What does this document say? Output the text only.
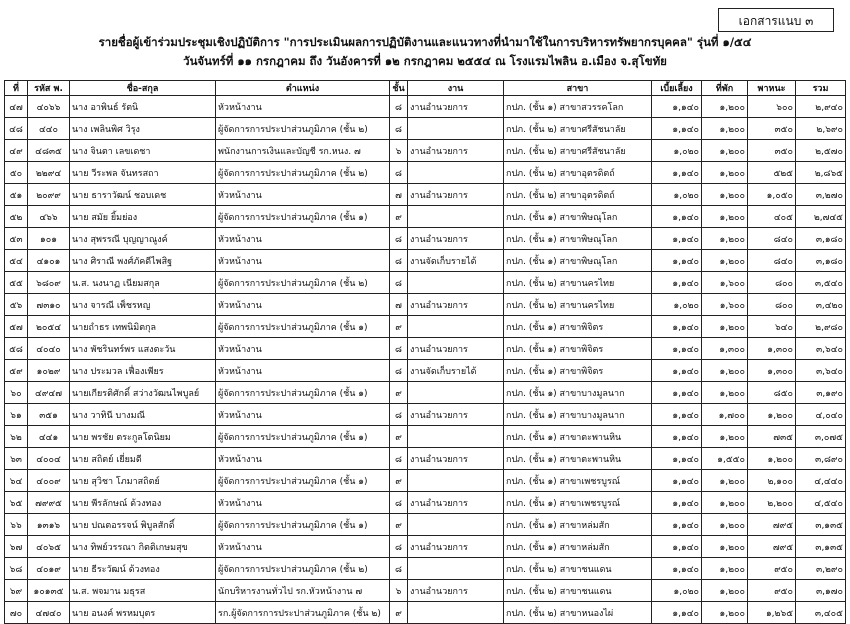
เอกสารแนบ ๓
รายชื่อผู้เข้าร่วมประชุมเชิงปฏิบัติการ "การประเมินผลการปฏิบัติงานและแนวทางที่นำมาใช้ในการบริหารทรัพยากรบุคคล" รุ่นที่ ๑/๕๔
วันจันทร์ที่ ๑๑ กรกฎาคม ถึง วันอังคารที่ ๑๒ กรกฎาคม ๒๕๕๔ ณ โรงแรมไพลิน อ.เมือง จ.สุโขทัย
ที่	รหัส พ.	ชื่อ-สกุล	ตำแหน่ง	ชั้น	งาน	สาขา	เบี้ยเลี้ยง	ที่พัก	พาหนะ	รวม
๔๗	๔๐๖๖	นาง อาพินธ์ รัตนิ	หัวหน้างาน	๘	งานอำนวยการ	กปภ. (ชั้น ๑) สาขาสวรรคโลก	๑,๑๔๐	๑,๒๐๐	๖๐๐	๒,๙๔๐
๔๘	๔๔๐	นาง เพลินพิศ วิรุง	ผู้จัดการการประปาส่วนภูมิภาค (ชั้น ๒)	๘		กปภ. (ชั้น ๒) สาขาศรีสัชนาลัย	๑,๑๔๐	๑,๒๐๐	๓๕๐	๒,๖๙๐
๔๙	๔๘๓๕	นาง จินตา เลขเดชา	พนักงานการเงินและบัญชี รก.หนง. ๗	๖	งานอำนวยการ	กปภ. (ชั้น ๒) สาขาศรีสัชนาลัย	๑,๐๒๐	๑,๒๐๐	๓๕๐	๒,๕๗๐
๕๐	๒๒๙๔	นาย วีระพล จันทรสถา	ผู้จัดการการประปาส่วนภูมิภาค (ชั้น ๒)	๘		กปภ. (ชั้น ๒) สาขาอุตรดิตถ์	๑,๑๔๐	๑,๒๐๐	๕๒๕	๒,๘๖๕
๕๑	๒๐๙๙	นาย ธาราวัฒน์ ชอบเดช	หัวหน้างาน	๗	งานอำนวยการ	กปภ. (ชั้น ๒) สาขาอุตรดิตถ์	๑,๐๒๐	๑,๒๐๐	๑,๐๕๐	๓,๒๗๐
๕๒	๔๖๖	นาย สมัย ยิ้มย่อง	ผู้จัดการการประปาส่วนภูมิภาค (ชั้น ๑)	๙		กปภ. (ชั้น ๑) สาขาพิษณุโลก	๑,๑๔๐	๑,๒๐๐	๔๐๕	๒,๗๔๕
๕๓	๑๐๑	นาง สุพรรณี บุญญาณูงค์	หัวหน้างาน	๘	งานอำนวยการ	กปภ. (ชั้น ๑) สาขาพิษณุโลก	๑,๑๔๐	๑,๒๐๐	๘๔๐	๓,๑๘๐
๕๔	๔๑๐๑	นาง ศิราณี พงศ์ภัคดีไพสิฐ	หัวหน้างาน	๘	งานจัดเก็บรายได้	กปภ. (ชั้น ๑) สาขาพิษณุโลก	๑,๑๔๐	๑,๒๐๐	๘๔๐	๓,๑๘๐
๕๕	๖๘๐๙	น.ส. นงนาฏ เนียมสกุล	ผู้จัดการการประปาส่วนภูมิภาค (ชั้น ๒)	๘		กปภ. (ชั้น ๒) สาขานครไทย	๑,๑๔๐	๑,๖๐๐	๘๐๐	๓,๕๔๐
๕๖	๗๓๑๐	นาง จารณี เพ็ชรหญ	หัวหน้างาน	๗	งานอำนวยการ	กปภ. (ชั้น ๒) สาขานครไทย	๑,๐๒๐	๑,๖๐๐	๘๐๐	๓,๔๒๐
๕๗	๒๐๕๔	นายถำธร เทพนิมิตกุล	ผู้จัดการการประปาส่วนภูมิภาค (ชั้น ๑)	๙		กปภ. (ชั้น ๑) สาขาพิจิตร	๑,๑๔๐	๑,๒๐๐	๖๔๐	๒,๙๘๐
๕๘	๔๐๔๐	นาง พัชรินทร์พร แสงตะวัน	หัวหน้างาน	๘	งานอำนวยการ	กปภ. (ชั้น ๑) สาขาพิจิตร	๑,๑๔๐	๑,๓๐๐	๑,๓๐๐	๓,๖๔๐
๕๙	๑๐๒๙	นาง ประมวล เฟื่องเพียร	หัวหน้างาน	๘	งานจัดเก็บรายได้	กปภ. (ชั้น ๑) สาขาพิจิตร	๑,๑๔๐	๑,๒๐๐	๑,๓๐๐	๓,๖๔๐
๖๐	๔๙๔๗	นายเกียรติศักดิ์ สว่างวัฒนไพบูลย์	ผู้จัดการการประปาส่วนภูมิภาค (ชั้น ๑)	๙		กปภ. (ชั้น ๑) สาขาบางมูลนาก	๑,๑๔๐	๑,๒๐๐	๘๕๐	๓,๑๙๐
๖๑	๓๕๑	นาง วาทินี บางมณี	หัวหน้างาน	๘	งานอำนวยการ	กปภ. (ชั้น ๑) สาขาบางมูลนาก	๑,๑๔๐	๑,๗๐๐	๑,๒๐๐	๔,๐๔๐
๖๒	๔๔๑	นาย พรชัย ตระกูลโตนิยม	ผู้จัดการการประปาส่วนภูมิภาค (ชั้น ๑)	๙		กปภ. (ชั้น ๑) สาขาตะพานหิน	๑,๑๔๐	๑,๒๐๐	๗๓๕	๓,๐๗๕
๖๓	๔๐๐๔	นาย สถิตย์ เยี่ยมดี	หัวหน้างาน	๘	งานอำนวยการ	กปภ. (ชั้น ๑) สาขาตะพานหิน	๑,๑๔๐	๑,๕๕๐	๑,๒๐๐	๓,๘๙๐
๖๔	๔๐๐๙	นาย สุวิชา โภมาสถิตย์	ผู้จัดการการประปาส่วนภูมิภาค (ชั้น ๑)	๙		กปภ. (ชั้น ๑) สาขาเพชรบูรณ์	๑,๑๔๐	๑,๒๐๐	๒,๑๐๐	๔,๔๔๐
๖๕	๗๙๙๕	นาย พีรลักษณ์ ด้วงทอง	หัวหน้างาน	๘	งานอำนวยการ	กปภ. (ชั้น ๑) สาขาเพชรบูรณ์	๑,๑๔๐	๑,๒๐๐	๒,๒๐๐	๔,๕๔๐
๖๖	๑๓๑๖	นาย ปณตอรรจน์ พิบูลสักดิ์	ผู้จัดการการประปาส่วนภูมิภาค (ชั้น ๑)	๙		กปภ. (ชั้น ๑) สาขาหล่มสัก	๑,๑๔๐	๑,๒๐๐	๗๙๕	๓,๑๓๕
๖๗	๔๐๖๕	นาง ทิพย์วรรณา กิตติเกษมสุข	หัวหน้างาน	๘	งานอำนวยการ	กปภ. (ชั้น ๑) สาขาหล่มสัก	๑,๑๔๐	๑,๒๐๐	๗๙๕	๓,๑๓๕
๖๘	๔๐๑๙	นาย ธีระวัฒน์ ด้วงทอง	ผู้จัดการการประปาส่วนภูมิภาค (ชั้น ๒)	๘		กปภ. (ชั้น ๒) สาขาชนแดน	๑,๑๔๐	๑,๒๐๐	๙๕๐	๓,๒๙๐
๖๙	๑๐๑๓๕	น.ส. พจมาน มธุรส	นักบริหารงานทั่วไป รก.หัวหน้างาน ๗	๖	งานอำนวยการ	กปภ. (ชั้น ๒) สาขาชนแดน	๑,๐๒๐	๑,๒๐๐	๙๕๐	๓,๑๗๐
๗๐	๔๗๔๐	นาย อนงค์ พรหมบุตร	รก.ผู้จัดการการประปาส่วนภูมิภาค (ชั้น ๒)	๙		กปภ. (ชั้น ๒) สาขาหนองไผ่	๑,๑๔๐	๑,๒๐๐	๑,๒๖๕	๓,๔๐๕
